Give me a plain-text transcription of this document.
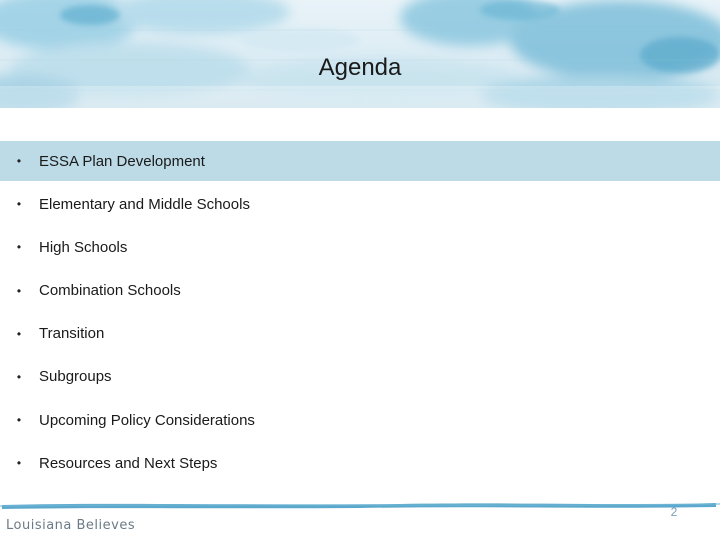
Agenda
• ESSA Plan Development
• Elementary and Middle Schools
• High Schools
• Combination Schools
• Transition
• Subgroups
• Upcoming Policy Considerations
• Resources and Next Steps
Louisiana Believes
2
